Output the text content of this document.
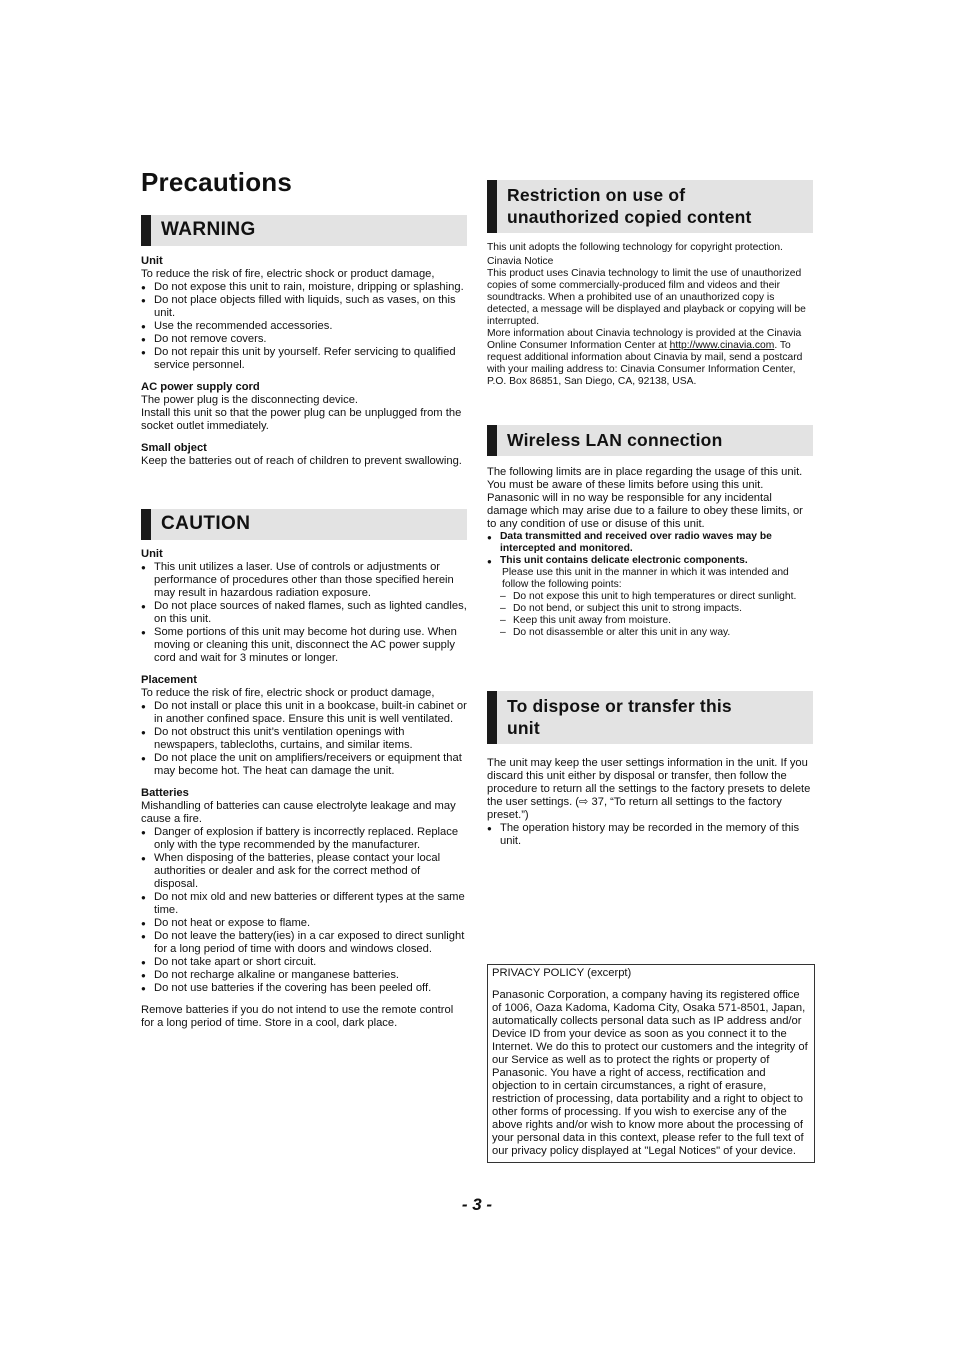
Precautions
WARNING
Unit
To reduce the risk of fire, electric shock or product damage,
● Do not expose this unit to rain, moisture, dripping or splashing.
● Do not place objects filled with liquids, such as vases, on this unit.
● Use the recommended accessories.
● Do not remove covers.
● Do not repair this unit by yourself. Refer servicing to qualified service personnel.
AC power supply cord
The power plug is the disconnecting device.
Install this unit so that the power plug can be unplugged from the socket outlet immediately.
Small object
Keep the batteries out of reach of children to prevent swallowing.
CAUTION
Unit
● This unit utilizes a laser. Use of controls or adjustments or performance of procedures other than those specified herein may result in hazardous radiation exposure.
● Do not place sources of naked flames, such as lighted candles, on this unit.
● Some portions of this unit may become hot during use. When moving or cleaning this unit, disconnect the AC power supply cord and wait for 3 minutes or longer.
Placement
To reduce the risk of fire, electric shock or product damage,
● Do not install or place this unit in a bookcase, built-in cabinet or in another confined space. Ensure this unit is well ventilated.
● Do not obstruct this unit’s ventilation openings with newspapers, tablecloths, curtains, and similar items.
● Do not place the unit on amplifiers/receivers or equipment that may become hot. The heat can damage the unit.
Batteries
Mishandling of batteries can cause electrolyte leakage and may cause a fire.
● Danger of explosion if battery is incorrectly replaced. Replace only with the type recommended by the manufacturer.
● When disposing of the batteries, please contact your local authorities or dealer and ask for the correct method of disposal.
● Do not mix old and new batteries or different types at the same time.
● Do not heat or expose to flame.
● Do not leave the battery(ies) in a car exposed to direct sunlight for a long period of time with doors and windows closed.
● Do not take apart or short circuit.
● Do not recharge alkaline or manganese batteries.
● Do not use batteries if the covering has been peeled off.
Remove batteries if you do not intend to use the remote control for a long period of time. Store in a cool, dark place.
Restriction on use of
unauthorized copied content
This unit adopts the following technology for copyright protection.
Cinavia Notice
This product uses Cinavia technology to limit the use of unauthorized copies of some commercially-produced film and videos and their soundtracks. When a prohibited use of an unauthorized copy is detected, a message will be displayed and playback or copying will be interrupted.
More information about Cinavia technology is provided at the Cinavia Online Consumer Information Center at http://www.cinavia.com. To request additional information about Cinavia by mail, send a postcard with your mailing address to: Cinavia Consumer Information Center, P.O. Box 86851, San Diego, CA, 92138, USA.
Wireless LAN connection
The following limits are in place regarding the usage of this unit. You must be aware of these limits before using this unit. Panasonic will in no way be responsible for any incidental damage which may arise due to a failure to obey these limits, or to any condition of use or disuse of this unit.
● Data transmitted and received over radio waves may be intercepted and monitored.
● This unit contains delicate electronic components.
Please use this unit in the manner in which it was intended and follow the following points:
– Do not expose this unit to high temperatures or direct sunlight.
– Do not bend, or subject this unit to strong impacts.
– Keep this unit away from moisture.
– Do not disassemble or alter this unit in any way.
To dispose or transfer this
unit
The unit may keep the user settings information in the unit. If you discard this unit either by disposal or transfer, then follow the procedure to return all the settings to the factory presets to delete the user settings. (⇨ 37, “To return all settings to the factory preset.”)
● The operation history may be recorded in the memory of this unit.
PRIVACY POLICY (excerpt)
Panasonic Corporation, a company having its registered office of 1006, Oaza Kadoma, Kadoma City, Osaka 571-8501, Japan, automatically collects personal data such as IP address and/or Device ID from your device as soon as you connect it to the Internet. We do this to protect our customers and the integrity of our Service as well as to protect the rights or property of Panasonic. You have a right of access, rectification and objection to in certain circumstances, a right of erasure, restriction of processing, data portability and a right to object to other forms of processing. If you wish to exercise any of the above rights and/or wish to know more about the processing of your personal data in this context, please refer to the full text of our privacy policy displayed at "Legal Notices" of your device.
- 3 -
